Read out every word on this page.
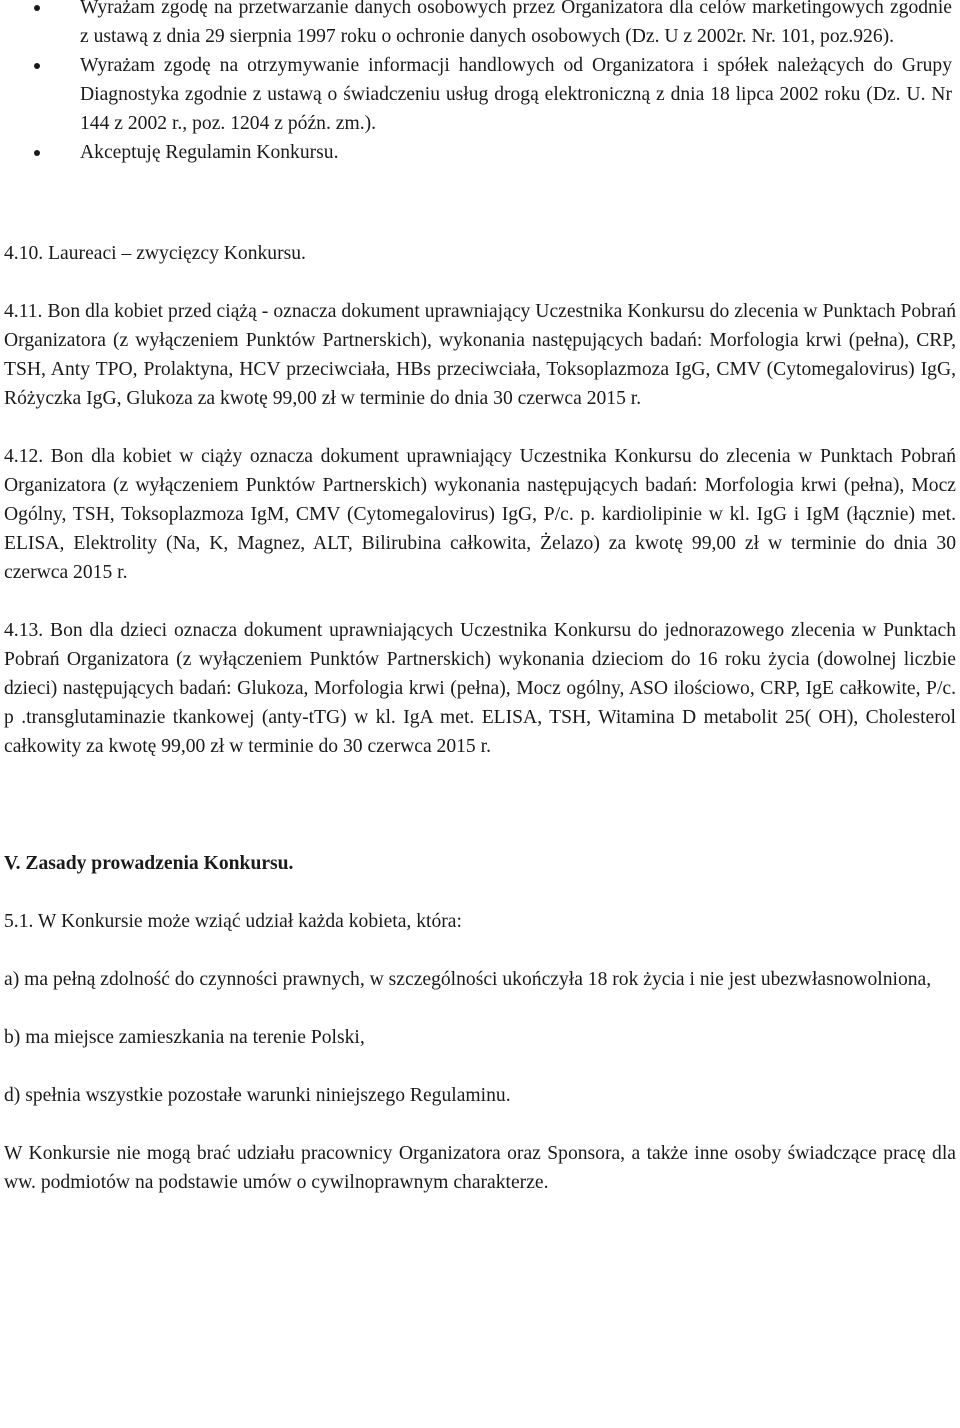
Wyrażam zgodę na przetwarzanie danych osobowych przez Organizatora dla celów marketingowych zgodnie z ustawą z dnia 29 sierpnia 1997 roku o ochronie danych osobowych (Dz. U z 2002r. Nr. 101, poz.926).
Wyrażam zgodę na otrzymywanie informacji handlowych od Organizatora i spółek należących do Grupy Diagnostyka zgodnie z ustawą o świadczeniu usług drogą elektroniczną z dnia 18 lipca 2002 roku (Dz. U. Nr 144 z 2002 r., poz. 1204 z późn. zm.).
Akceptuję Regulamin Konkursu.

4.10. Laureaci – zwycięzcy Konkursu.

4.11. Bon dla kobiet przed ciążą - oznacza dokument uprawniający Uczestnika Konkursu do zlecenia w Punktach Pobrań Organizatora (z wyłączeniem Punktów Partnerskich), wykonania następujących badań: Morfologia krwi (pełna), CRP, TSH, Anty TPO, Prolaktyna, HCV przeciwciała, HBs przeciwciała, Toksoplazmoza IgG, CMV (Cytomegalovirus) IgG, Różyczka IgG, Glukoza za kwotę 99,00 zł w terminie do dnia 30 czerwca 2015 r.

4.12. Bon dla kobiet w ciąży oznacza dokument uprawniający Uczestnika Konkursu do zlecenia w Punktach Pobrań Organizatora (z wyłączeniem Punktów Partnerskich) wykonania następujących badań: Morfologia krwi (pełna), Mocz Ogólny, TSH, Toksoplazmoza IgM, CMV (Cytomegalovirus) IgG, P/c. p. kardiolipinie w kl. IgG i IgM (łącznie) met. ELISA, Elektrolity (Na, K, Magnez, ALT, Bilirubina całkowita, Żelazo) za kwotę 99,00 zł w terminie do dnia 30 czerwca 2015 r.

4.13. Bon dla dzieci oznacza dokument uprawniających Uczestnika Konkursu do jednorazowego zlecenia w Punktach Pobrań Organizatora (z wyłączeniem Punktów Partnerskich) wykonania dzieciom do 16 roku życia (dowolnej liczbie dzieci) następujących badań: Glukoza, Morfologia krwi (pełna), Mocz ogólny, ASO ilościowo, CRP, IgE całkowite, P/c. p .transglutaminazie tkankowej (anty-tTG) w kl. IgA met. ELISA, TSH, Witamina D metabolit 25( OH), Cholesterol całkowity za kwotę 99,00 zł w terminie do 30 czerwca 2015 r.

V. Zasady prowadzenia Konkursu.

5.1. W Konkursie może wziąć udział każda kobieta, która:

a) ma pełną zdolność do czynności prawnych, w szczególności ukończyła 18 rok życia i nie jest ubezwłasnowolniona,

b) ma miejsce zamieszkania na terenie Polski,

d) spełnia wszystkie pozostałe warunki niniejszego Regulaminu.

W Konkursie nie mogą brać udziału pracownicy Organizatora oraz Sponsora, a także inne osoby świadczące pracę dla ww. podmiotów na podstawie umów o cywilnoprawnym charakterze.
